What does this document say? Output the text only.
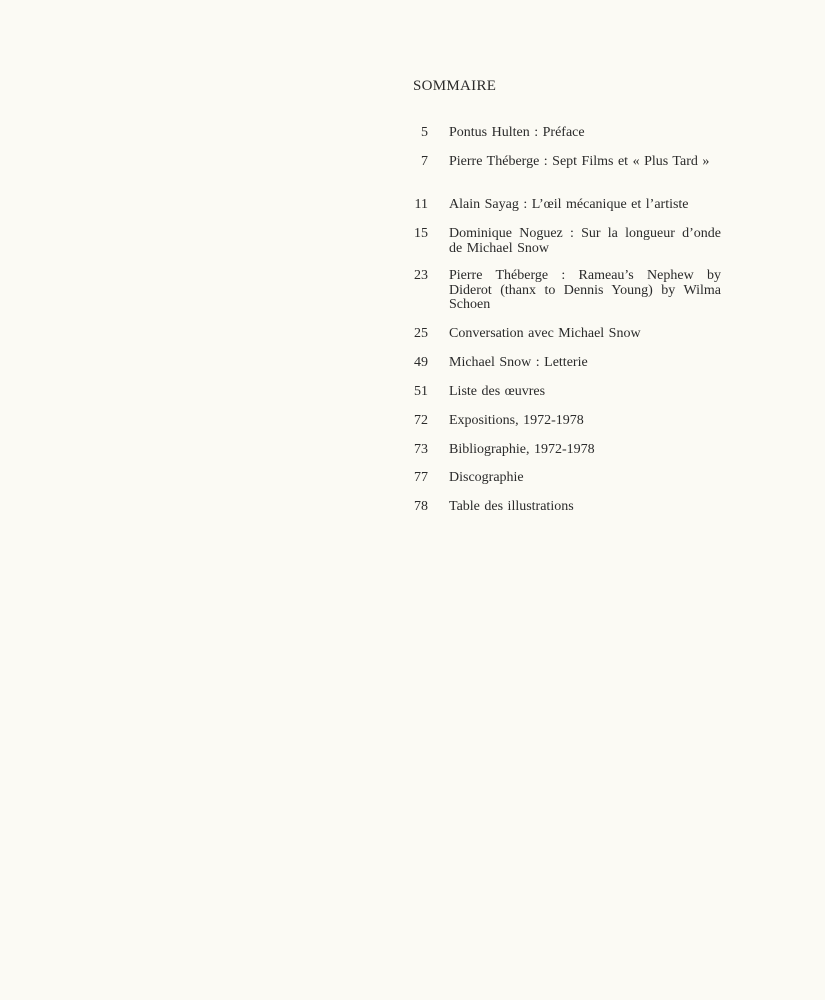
SOMMAIRE
5 Pontus Hulten : Préface
7 Pierre Théberge : Sept Films et « Plus Tard »
11 Alain Sayag : L’œil mécanique et l’artiste
15 Dominique Noguez : Sur la longueur d’onde de Michael Snow
23 Pierre Théberge : Rameau’s Nephew by Diderot (thanx to Dennis Young) by Wilma Schoen
25 Conversation avec Michael Snow
49 Michael Snow : Letterie
51 Liste des œuvres
72 Expositions, 1972-1978
73 Bibliographie, 1972-1978
77 Discographie
78 Table des illustrations
